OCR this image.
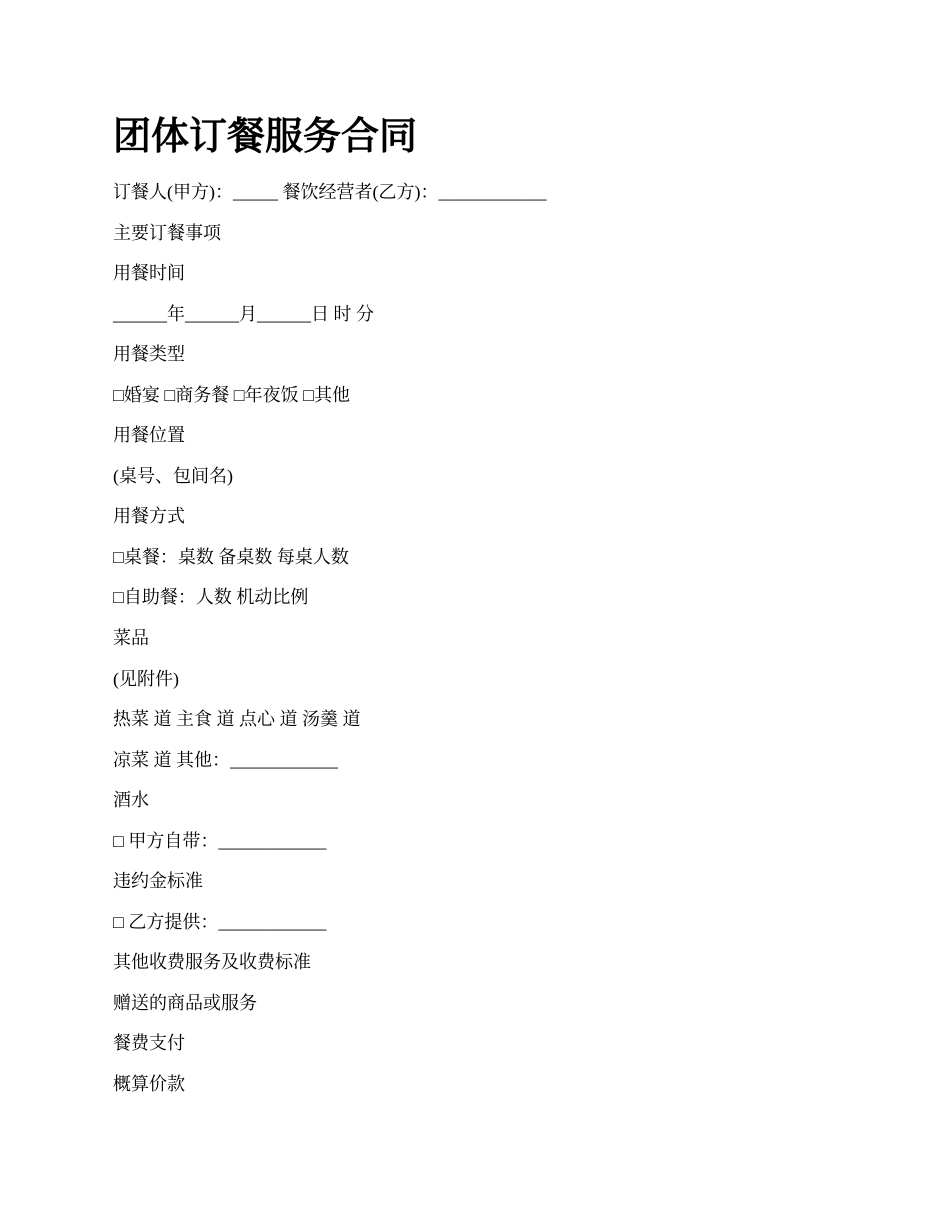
团体订餐服务合同
订餐人(甲方)：_____ 餐饮经营者(乙方)：____________
主要订餐事项
用餐时间
______年______月______日 时 分
用餐类型
□婚宴 □商务餐 □年夜饭 □其他
用餐位置
(桌号、包间名)
用餐方式
□桌餐：桌数 备桌数 每桌人数
□自助餐：人数 机动比例
菜品
(见附件)
热菜 道 主食 道 点心 道 汤羹 道
凉菜 道 其他：____________
酒水
□ 甲方自带：____________
违约金标准
□ 乙方提供：____________
其他收费服务及收费标准
赠送的商品或服务
餐费支付
概算价款
